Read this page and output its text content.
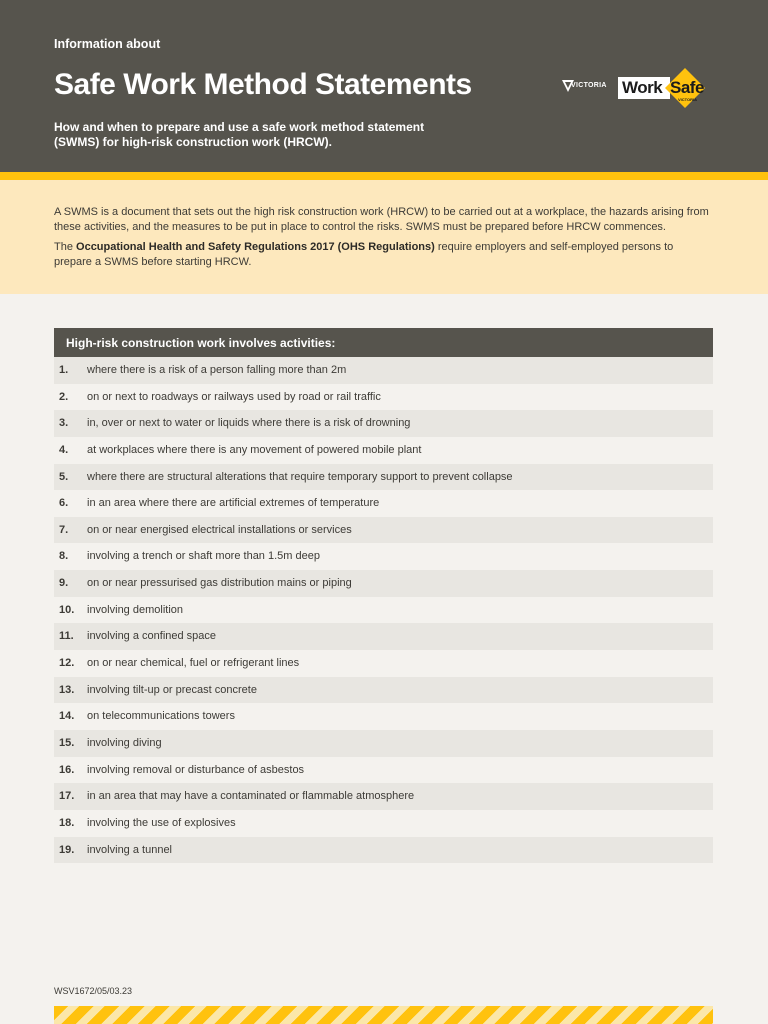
Information about
Safe Work Method Statements
How and when to prepare and use a safe work method statement (SWMS) for high-risk construction work (HRCW).
VICTORIA Work Safe
VICTORIA

A SWMS is a document that sets out the high risk construction work (HRCW) to be carried out at a workplace, the hazards arising from these activities, and the measures to be put in place to control the risks. SWMS must be prepared before HRCW commences.

The Occupational Health and Safety Regulations 2017 (OHS Regulations) require employers and self-employed persons to prepare a SWMS before starting HRCW.

High-risk construction work involves activities:
1. where there is a risk of a person falling more than 2m
2. on or next to roadways or railways used by road or rail traffic
3. in, over or next to water or liquids where there is a risk of drowning
4. at workplaces where there is any movement of powered mobile plant
5. where there are structural alterations that require temporary support to prevent collapse
6. in an area where there are artificial extremes of temperature
7. on or near energised electrical installations or services
8. involving a trench or shaft more than 1.5m deep
9. on or near pressurised gas distribution mains or piping
10. involving demolition
11. involving a confined space
12. on or near chemical, fuel or refrigerant lines
13. involving tilt-up or precast concrete
14. on telecommunications towers
15. involving diving
16. involving removal or disturbance of asbestos
17. in an area that may have a contaminated or flammable atmosphere
18. involving the use of explosives
19. involving a tunnel
WSV1672/05/03.23
